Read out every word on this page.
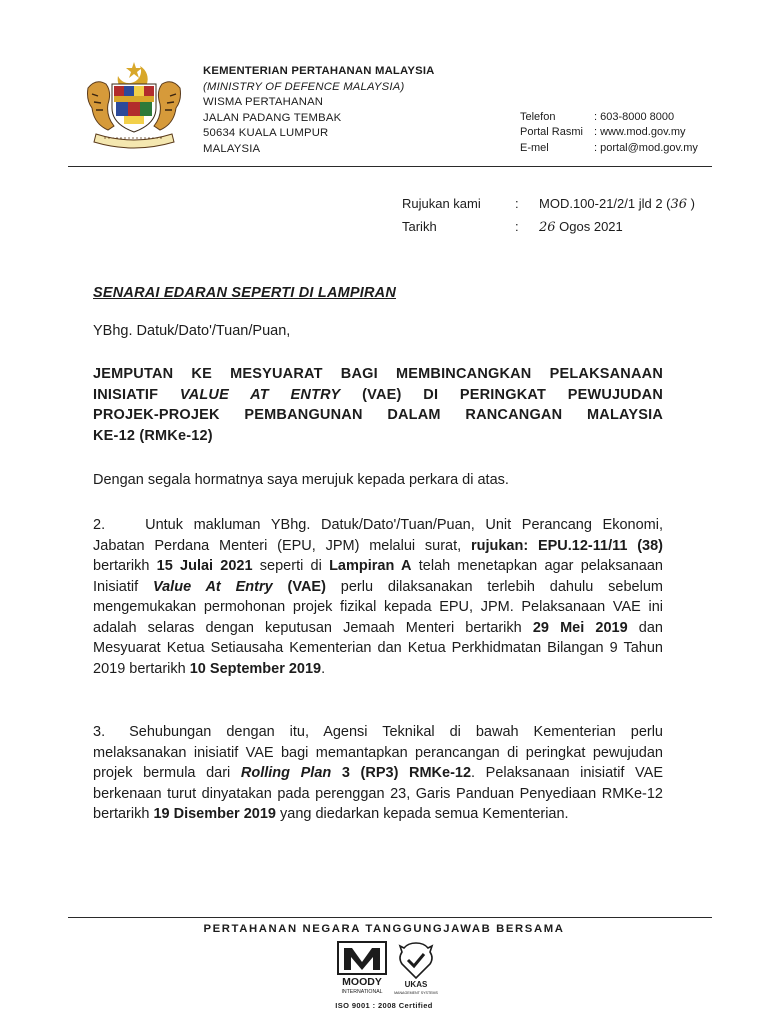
KEMENTERIAN PERTAHANAN MALAYSIA
(MINISTRY OF DEFENCE MALAYSIA)
WISMA PERTAHANAN
JALAN PADANG TEMBAK
50634 KUALA LUMPUR
MALAYSIA
Telefon	: 603-8000 8000
Portal Rasmi	: www.mod.gov.my
E-mel	: portal@mod.gov.my
Rujukan kami	:	MOD.100-21/2/1 jld 2 (36 )
Tarikh	:	26 Ogos 2021
SENARAI EDARAN SEPERTI DI LAMPIRAN
YBhg. Datuk/Dato'/Tuan/Puan,
JEMPUTAN KE MESYUARAT BAGI MEMBINCANGKAN PELAKSANAAN
INISIATIF VALUE AT ENTRY (VAE) DI PERINGKAT PEWUJUDAN
PROJEK-PROJEK PEMBANGUNAN DALAM RANCANGAN MALAYSIA
KE-12 (RMKe-12)
Dengan segala hormatnya saya merujuk kepada perkara di atas.
2.	Untuk makluman YBhg. Datuk/Dato'/Tuan/Puan, Unit Perancang Ekonomi, Jabatan Perdana Menteri (EPU, JPM) melalui surat, rujukan: EPU.12-11/11 (38) bertarikh 15 Julai 2021 seperti di Lampiran A telah menetapkan agar pelaksanaan Inisiatif Value At Entry (VAE) perlu dilaksanakan terlebih dahulu sebelum mengemukakan permohonan projek fizikal kepada EPU, JPM. Pelaksanaan VAE ini adalah selaras dengan keputusan Jemaah Menteri bertarikh 29 Mei 2019 dan Mesyuarat Ketua Setiausaha Kementerian dan Ketua Perkhidmatan Bilangan 9 Tahun 2019 bertarikh 10 September 2019.
3. Sehubungan dengan itu, Agensi Teknikal di bawah Kementerian perlu melaksanakan inisiatif VAE bagi memantapkan perancangan di peringkat pewujudan projek bermula dari Rolling Plan 3 (RP3) RMKe-12. Pelaksanaan inisiatif VAE berkenaan turut dinyatakan pada perenggan 23, Garis Panduan Penyediaan RMKe-12 bertarikh 19 Disember 2019 yang diedarkan kepada semua Kementerian.
PERTAHANAN NEGARA TANGGUNGJAWAB BERSAMA
MOODY
INTERNATIONAL
UKAS
MANAGEMENT SYSTEMS
ISO 9001 : 2008 Certified
